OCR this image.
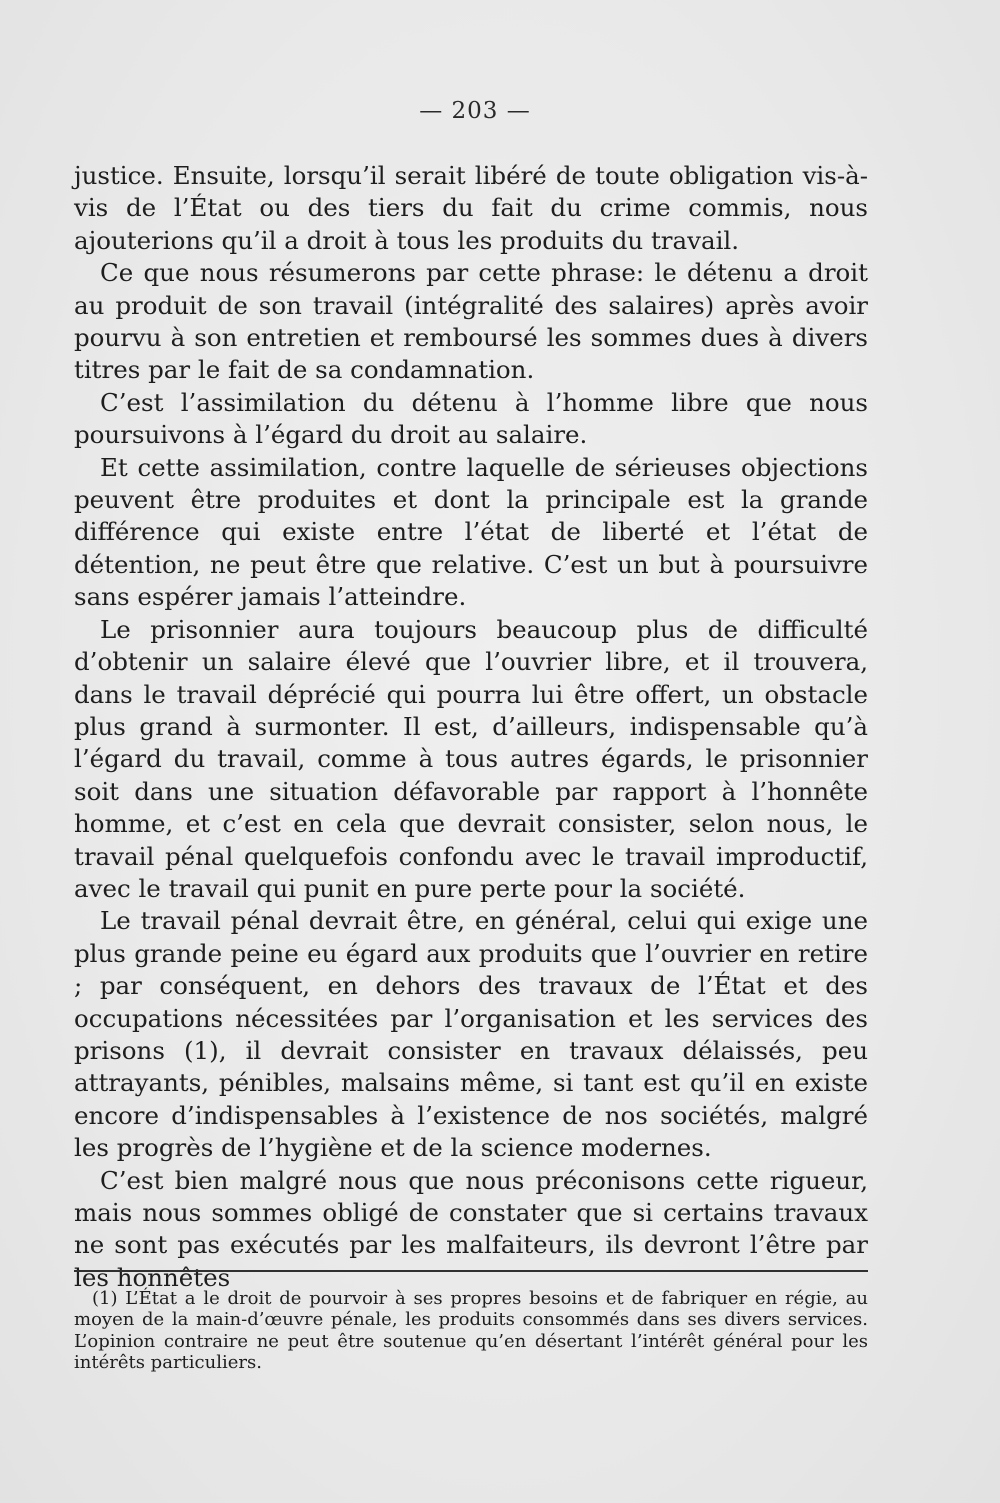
— 203 —

justice. Ensuite, lorsqu’il serait libéré de toute obligation vis-à-vis de l’État ou des tiers du fait du crime commis, nous ajouterions qu’il a droit à tous les produits du travail.

Ce que nous résumerons par cette phrase: le détenu a droit au produit de son travail (intégralité des salaires) après avoir pourvu à son entretien et remboursé les sommes dues à divers titres par le fait de sa condamnation.

C’est l’assimilation du détenu à l’homme libre que nous poursuivons à l’égard du droit au salaire.

Et cette assimilation, contre laquelle de sérieuses objections peuvent être produites et dont la principale est la grande différence qui existe entre l’état de liberté et l’état de détention, ne peut être que relative. C’est un but à poursuivre sans espérer jamais l’atteindre.

Le prisonnier aura toujours beaucoup plus de difficulté d’obtenir un salaire élevé que l’ouvrier libre, et il trouvera, dans le travail déprécié qui pourra lui être offert, un obstacle plus grand à surmonter. Il est, d’ailleurs, indispensable qu’à l’égard du travail, comme à tous autres égards, le prisonnier soit dans une situation défavorable par rapport à l’honnête homme, et c’est en cela que devrait consister, selon nous, le travail pénal quelquefois confondu avec le travail improductif, avec le travail qui punit en pure perte pour la société.

Le travail pénal devrait être, en général, celui qui exige une plus grande peine eu égard aux produits que l’ouvrier en retire ; par conséquent, en dehors des travaux de l’État et des occupations nécessitées par l’organisation et les services des prisons (1), il devrait consister en travaux délaissés, peu attrayants, pénibles, malsains même, si tant est qu’il en existe encore d’indispensables à l’existence de nos sociétés, malgré les progrès de l’hygiène et de la science modernes.

C’est bien malgré nous que nous préconisons cette rigueur, mais nous sommes obligé de constater que si certains travaux ne sont pas exécutés par les malfaiteurs, ils devront l’être par les honnêtes

(1) L’État a le droit de pourvoir à ses propres besoins et de fabriquer en régie, au moyen de la main-d’œuvre pénale, les produits consommés dans ses divers services. L’opinion contraire ne peut être soutenue qu’en désertant l’intérêt général pour les intérêts particuliers.
